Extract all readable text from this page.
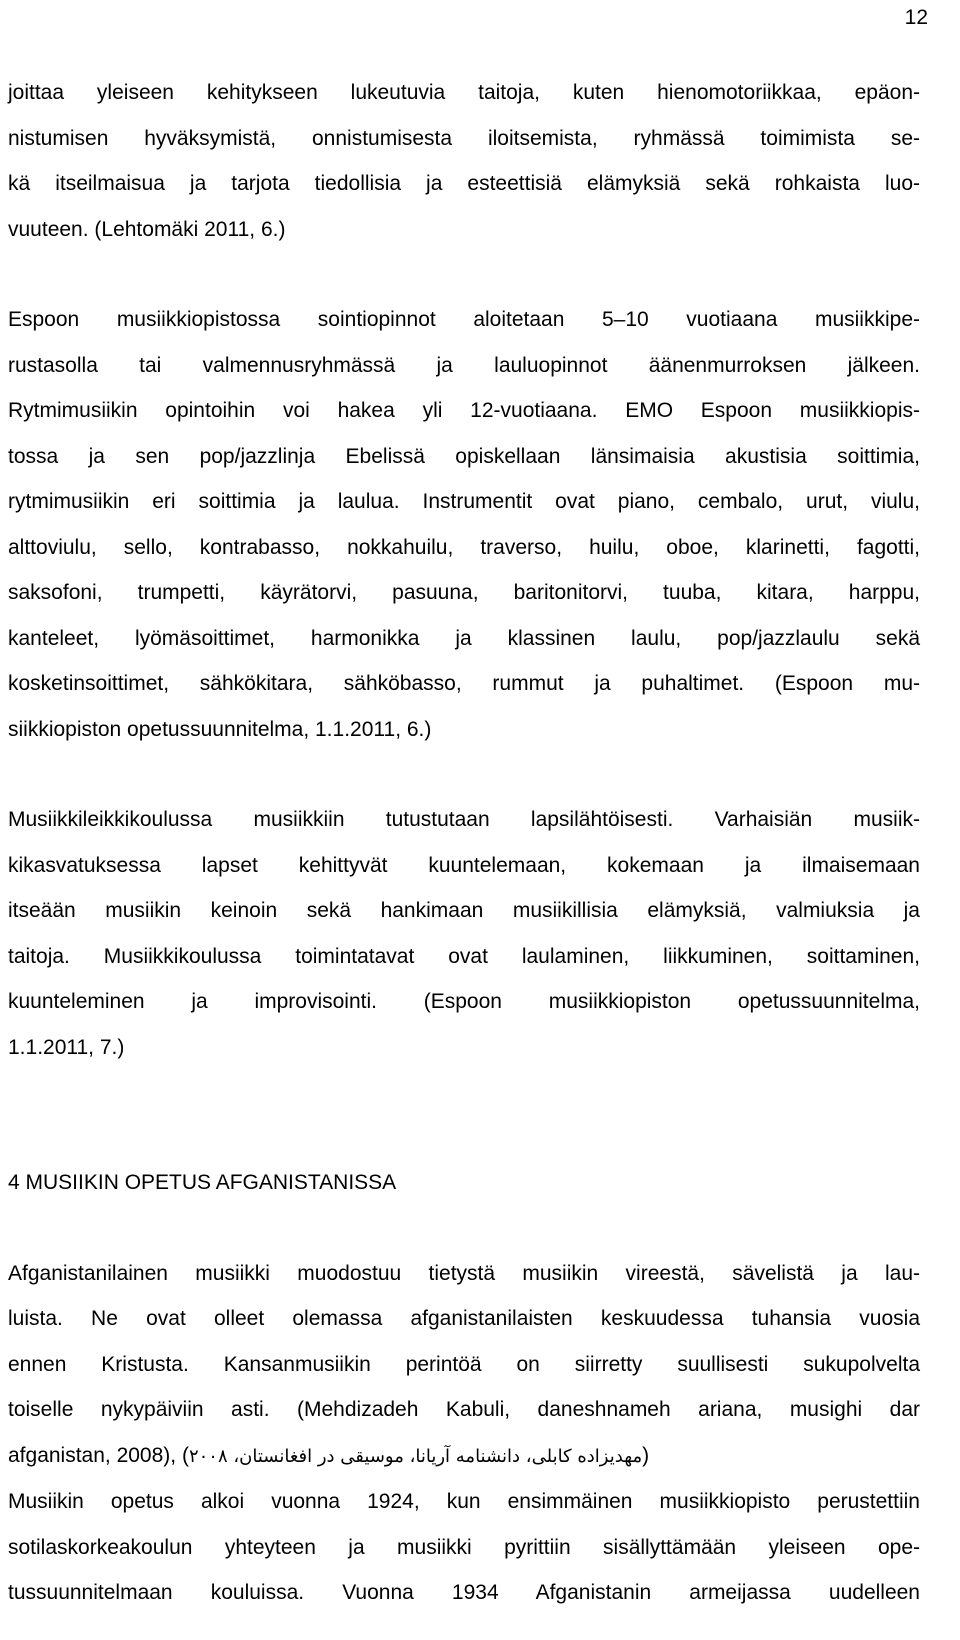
12

joittaa yleiseen kehitykseen lukeutuvia taitoja, kuten hienomotoriikkaa, epäon-
nistumisen hyväksymistä, onnistumisesta iloitsemista, ryhmässä toimimista se-
kä itseilmaisua ja tarjota tiedollisia ja esteettisiä elämyksiä sekä rohkaista luo-
vuuteen. (Lehtomäki 2011, 6.)

Espoon musiikkiopistossa sointiopinnot aloitetaan 5–10 vuotiaana musiikkipe-
rustasolla tai valmennusryhmässä ja lauluopinnot äänenmurroksen jälkeen.
Rytmimusiikin opintoihin voi hakea yli 12-vuotiaana. EMO Espoon musiikkiopis-
tossa ja sen pop/jazzlinja Ebelissä opiskellaan länsimaisia akustisia soittimia,
rytmimusiikin eri soittimia ja laulua. Instrumentit ovat piano, cembalo, urut, viulu,
alttoviulu, sello, kontrabasso, nokkahuilu, traverso, huilu, oboe, klarinetti, fagotti,
saksofoni, trumpetti, käyrätorvi, pasuuna, baritonitorvi, tuuba, kitara, harppu,
kanteleet, lyömäsoittimet, harmonikka ja klassinen laulu, pop/jazzlaulu sekä
kosketinsoittimet, sähkökitara, sähköbasso, rummut ja puhaltimet. (Espoon mu-
siikkiopiston opetussuunnitelma, 1.1.2011, 6.)

Musiikkileikkikoulussa musiikkiin tutustutaan lapsilähtöisesti. Varhaisiän musiik-
kikasvatuksessa lapset kehittyvät kuuntelemaan, kokemaan ja ilmaisemaan
itseään musiikin keinoin sekä hankimaan musiikillisia elämyksiä, valmiuksia ja
taitoja. Musiikkikoulussa toimintatavat ovat laulaminen, liikkuminen, soittaminen,
kuunteleminen ja improvisointi. (Espoon musiikkiopiston opetussuunnitelma,
1.1.2011, 7.)

4 MUSIIKIN OPETUS AFGANISTANISSA

Afganistanilainen musiikki muodostuu tietystä musiikin vireestä, sävelistä ja lau-
luista. Ne ovat olleet olemassa afganistanilaisten keskuudessa tuhansia vuosia
ennen Kristusta. Kansanmusiikin perintöä on siirretty suullisesti sukupolvelta
toiselle nykypäiviin asti. (Mehdizadeh Kabuli, daneshnameh ariana, musighi dar
afganistan, 2008), (مهدیزاده کابلی، دانشنامه آریانا، موسیقی در افغانستان، ۲۰۰۸)

Musiikin opetus alkoi vuonna 1924, kun ensimmäinen musiikkiopisto perustettiin
sotilaskorkeakoulun yhteyteen ja musiikki pyrittiin sisällyttämään yleiseen ope-
tussuunnitelmaan kouluissa. Vuonna 1934 Afganistanin armeijassa uudelleen
